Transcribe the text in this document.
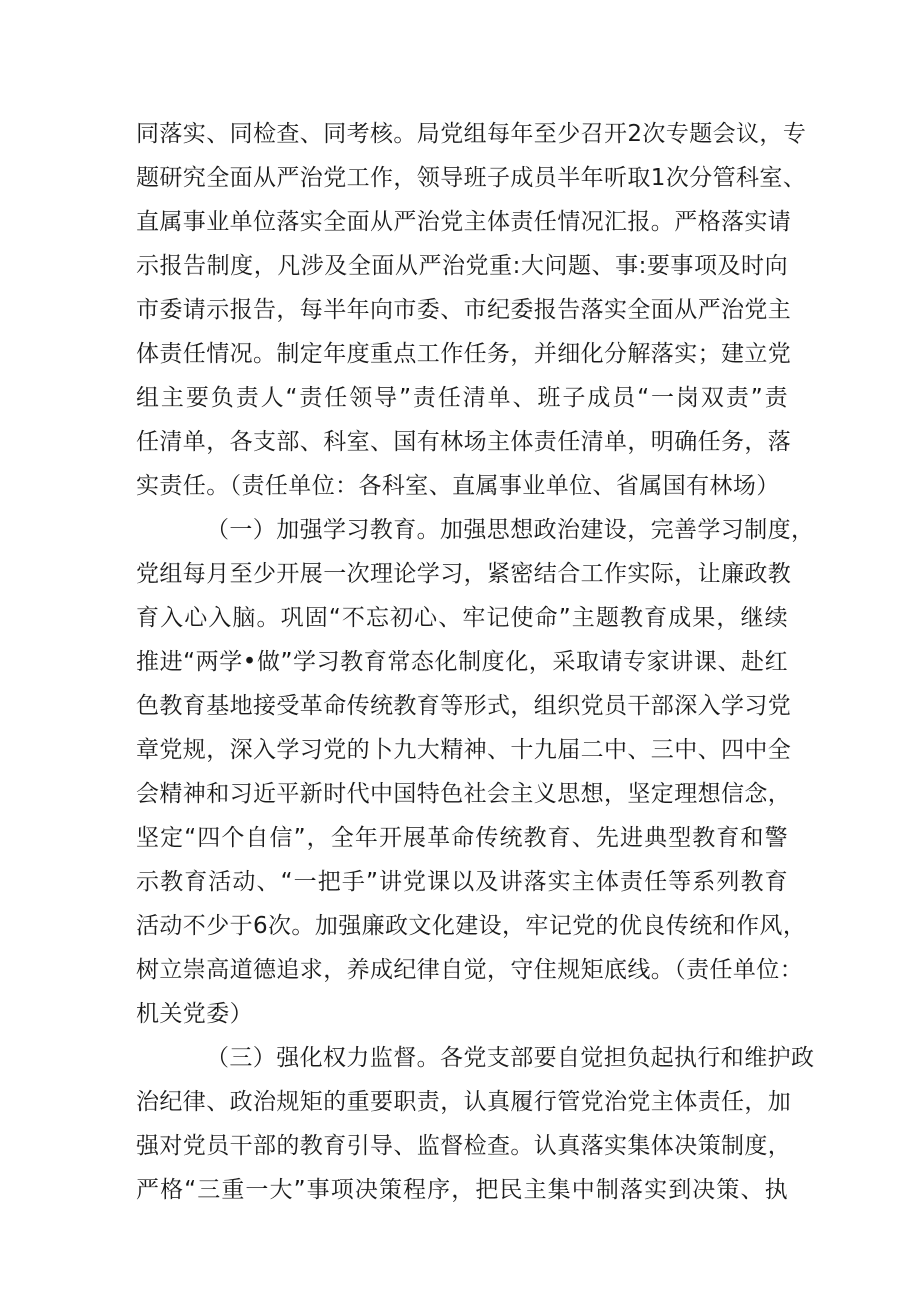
同落实、同检查、同考核。局党组每年至少召开2次专题会议，专
题研究全面从严治党工作，领导班子成员半年听取1次分管科室、
直属事业单位落实全面从严治党主体责任情况汇报。严格落实请
示报告制度，凡涉及全面从严治党重:大问题、事:要事项及时向
市委请示报告，每半年向市委、市纪委报告落实全面从严治党主
体责任情况。制定年度重点工作任务，并细化分解落实；建立党
组主要负责人“责任领导”责任清单、班子成员“一岗双责”责
任清单，各支部、科室、国有林场主体责任清单，明确任务，落
实责任。（责任单位：各科室、直属事业单位、省属国有林场）
（一）加强学习教育。加强思想政治建设，完善学习制度，
党组每月至少开展一次理论学习，紧密结合工作实际，让廉政教
育入心入脑。巩固“不忘初心、牢记使命”主题教育成果，继续
推进“两学•做”学习教育常态化制度化，采取请专家讲课、赴红
色教育基地接受革命传统教育等形式，组织党员干部深入学习党
章党规，深入学习党的卜九大精神、十九届二中、三中、四中全
会精神和习近平新时代中国特色社会主义思想，坚定理想信念，
坚定“四个自信”，全年开展革命传统教育、先进典型教育和警
示教育活动、“一把手”讲党课以及讲落实主体责任等系列教育
活动不少于6次。加强廉政文化建设，牢记党的优良传统和作风，
树立崇高道德追求，养成纪律自觉，守住规矩底线。（责任单位：
机关党委）
（三）强化权力监督。各党支部要自觉担负起执行和维护政
治纪律、政治规矩的重要职责，认真履行管党治党主体责任，加
强对党员干部的教育引导、监督检查。认真落实集体决策制度，
严格“三重一大”事项决策程序，把民主集中制落实到决策、执
